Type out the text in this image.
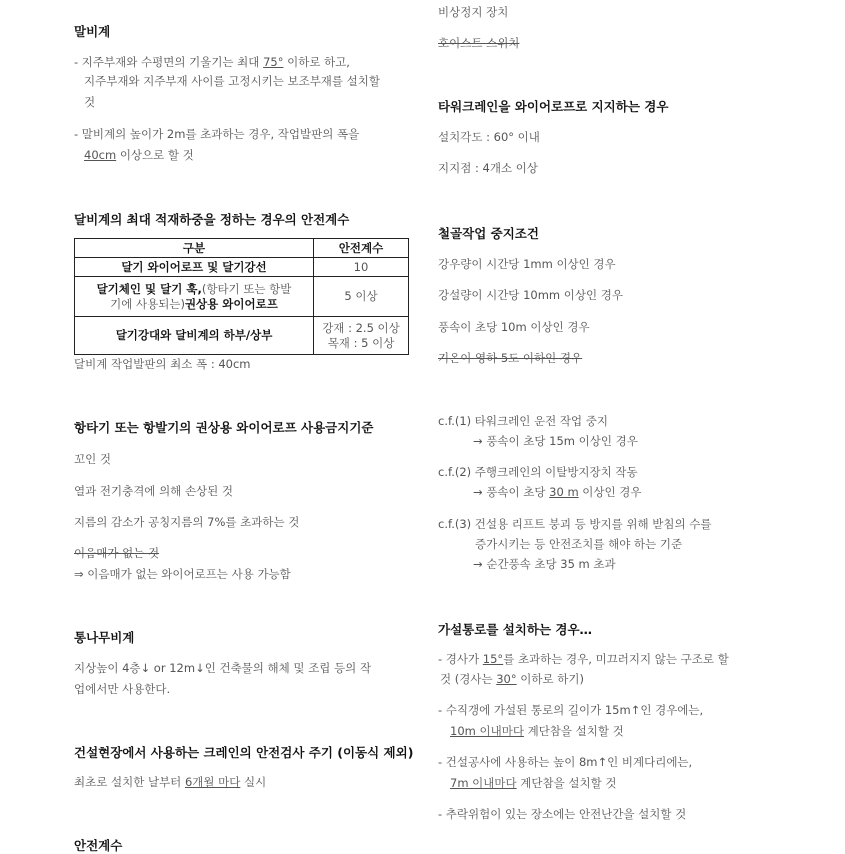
말비계
- 지주부재와 수평면의 기울기는 최대 75° 이하로 하고,
지주부재와 지주부재 사이를 고정시키는 보조부재를 설치할
것
- 말비계의 높이가 2m를 초과하는 경우, 작업발판의 폭을
40cm 이상으로 할 것
달비계의 최대 적재하중을 정하는 경우의 안전계수
구분	안전계수
달기 와이어로프 및 달기강선	10

달기체인 및 달기 훅,(항타기 또는 항발
기에 사용되는)권상용 와이어로프	5 이상
달기강대와 달비계의 하부/상부	강재 : 2.5 이상
목재 : 5 이상
달비계 작업발판의 최소 폭 : 40cm
항타기 또는 항발기의 권상용 와이어로프 사용금지기준
꼬인 것
열과 전기충격에 의해 손상된 것
지름의 감소가 공칭지름의 7%를 초과하는 것
이음매가 없는 것
⇒ 이음매가 없는 와이어로프는 사용 가능함
통나무비계
지상높이 4층↓ or 12m↓인 건축물의 해체 및 조립 등의 작
업에서만 사용한다.
건설현장에서 사용하는 크레인의 안전검사 주기 (이동식 제외)
최초로 설치한 날부터 6개월 마다 실시
안전계수
비상정지 장치
호이스트 스위치
타워크레인을 와이어로프로 지지하는 경우
설치각도 : 60° 이내
지지점 : 4개소 이상
철골작업 중지조건
강우량이 시간당 1mm 이상인 경우
강설량이 시간당 10mm 이상인 경우
풍속이 초당 10m 이상인 경우
기온이 영하 5도 이하인 경우
c.f.(1) 타워크레인 운전 작업 중지
→ 풍속이 초당 15m 이상인 경우
c.f.(2) 주행크레인의 이탈방지장치 작동
→ 풍속이 초당 30 m 이상인 경우
c.f.(3) 건설용 리프트 붕괴 등 방지를 위해 받침의 수를
증가시키는 등 안전조치를 해야 하는 기준
→ 순간풍속 초당 35 m 초과
가설통로를 설치하는 경우…
- 경사가 15°를 초과하는 경우, 미끄러지지 않는 구조로 할
것 (경사는 30° 이하로 하기)
- 수직갱에 가설된 통로의 길이가 15m↑인 경우에는,
10m 이내마다 계단참을 설치할 것
- 건설공사에 사용하는 높이 8m↑인 비계다리에는,
7m 이내마다 계단참을 설치할 것
- 추락위험이 있는 장소에는 안전난간을 설치할 것
